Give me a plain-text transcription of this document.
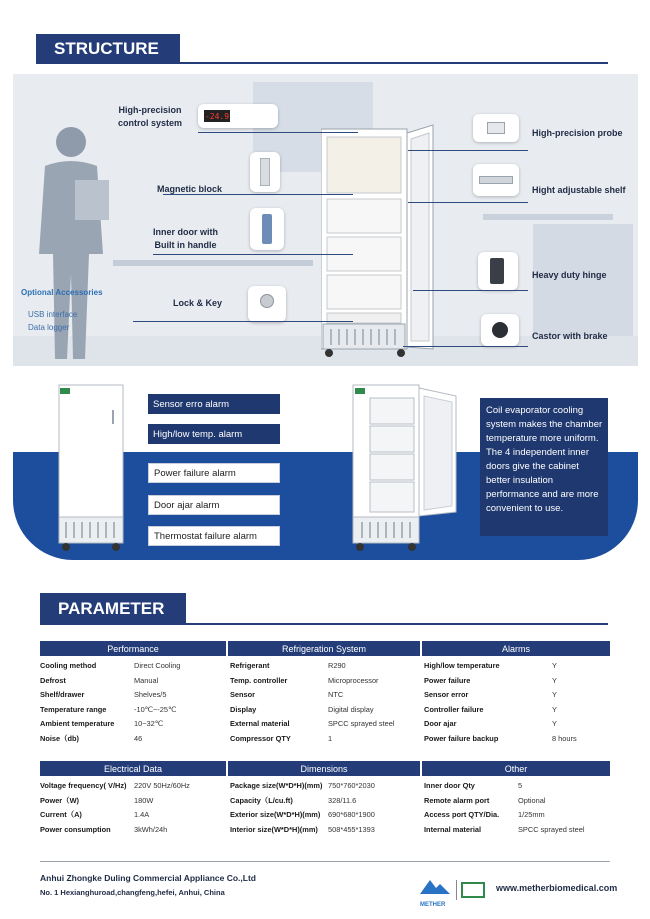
STRUCTURE
-24.9
High-precision
control system
Magnetic block
Inner door with
Built in handle
Lock & Key
High-precision probe
Hight adjustable shelf
Heavy duty hinge
Castor with brake
Optional Accessories
USB interface
Data logger
Sensor erro alarm
High/low temp. alarm
Power failure alarm
Door ajar alarm
Thermostat failure alarm
Coil evaporator cooling system makes the chamber temperature more uniform.
The 4 independent inner doors give the cabinet better insulation performance and are more convenient to use.
PARAMETER
Performance	Refrigeration System	Alarms
Cooling method	Direct Cooling
Defrost	Manual
Shelf/drawer	Shelves/5
Temperature range	-10℃~-25℃
Ambient temperature	10~32℃
Noise（db)	46
Refrigerant	R290
Temp. controller	Microprocessor
Sensor	NTC
Display	Digital display
External material	SPCC sprayed steel
Compressor QTY	1
High/low temperature	Y
Power failure	Y
Sensor error	Y
Controller failure	Y
Door ajar	Y
Power failure backup	8 hours
Electrical Data	Dimensions	Other
Voltage frequency( V/Hz) 220V 50Hz/60Hz
Power（W)	180W
Current（A)	1.4A
Power consumption	3kWh/24h
Package size(W*D*H)(mm) 750*760*2030
Capacity（L/cu.ft)	328/11.6
Exterior size(W*D*H)(mm) 690*680*1900
Interior size(W*D*H)(mm) 508*455*1393
Inner door Qty	5
Remote alarm port	Optional
Access port QTY/Dia.	1/25mm
Internal material	SPCC sprayed steel
Anhui Zhongke Duling Commercial Appliance Co.,Ltd
No. 1 Hexianghuroad,changfeng,hefei, Anhui, China
METHER
www.metherbiomedical.com
